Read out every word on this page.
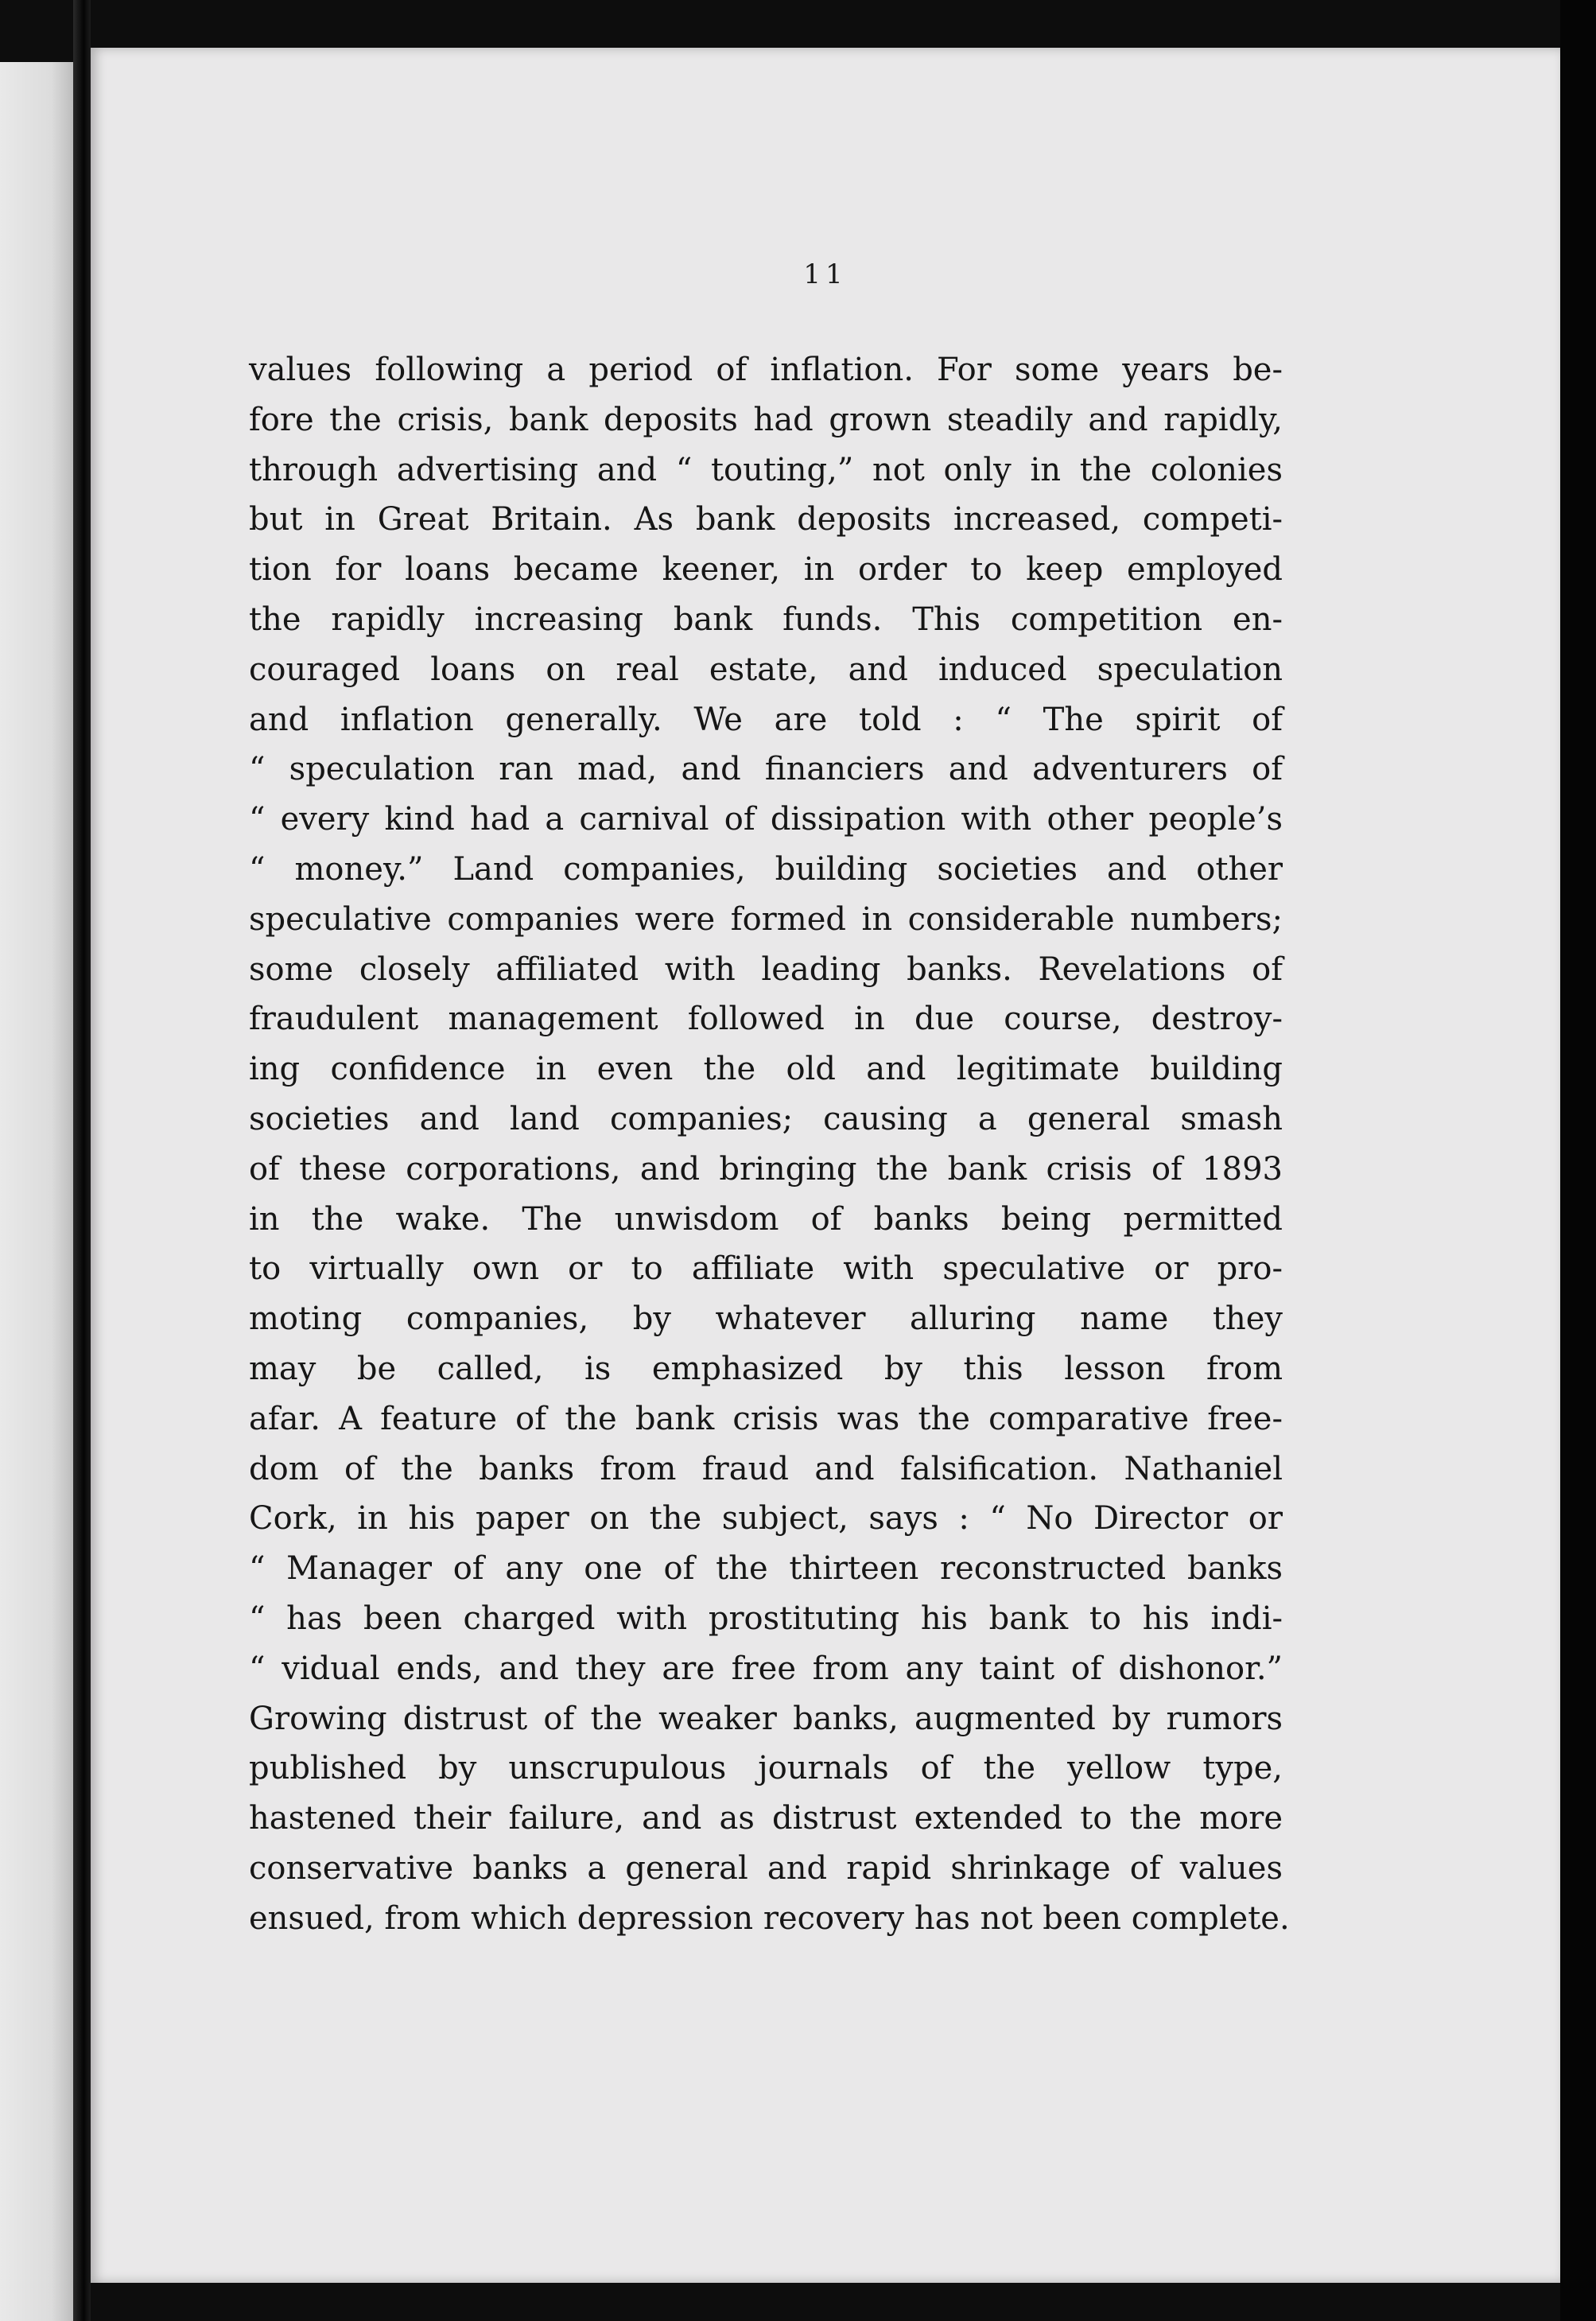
11
values following a period of inflation. For some years be-
fore the crisis, bank deposits had grown steadily and rapidly,
through advertising and “ touting,” not only in the colonies
but in Great Britain. As bank deposits increased, competi-
tion for loans became keener, in order to keep employed
the rapidly increasing bank funds. This competition en-
couraged loans on real estate, and induced speculation
and inflation generally. We are told : “ The spirit of
“ speculation ran mad, and financiers and adventurers of
“ every kind had a carnival of dissipation with other people’s
“ money.” Land companies, building societies and other
speculative companies were formed in considerable numbers;
some closely affiliated with leading banks. Revelations of
fraudulent management followed in due course, destroy-
ing confidence in even the old and legitimate building
societies and land companies; causing a general smash
of these corporations, and bringing the bank crisis of 1893
in the wake. The unwisdom of banks being permitted
to virtually own or to affiliate with speculative or pro-
moting companies, by whatever alluring name they
may be called, is emphasized by this lesson from
afar. A feature of the bank crisis was the comparative free-
dom of the banks from fraud and falsification. Nathaniel
Cork, in his paper on the subject, says : “ No Director or
“ Manager of any one of the thirteen reconstructed banks
“ has been charged with prostituting his bank to his indi-
“ vidual ends, and they are free from any taint of dishonor.”
Growing distrust of the weaker banks, augmented by rumors
published by unscrupulous journals of the yellow type,
hastened their failure, and as distrust extended to the more
conservative banks a general and rapid shrinkage of values
ensued, from which depression recovery has not been complete.
